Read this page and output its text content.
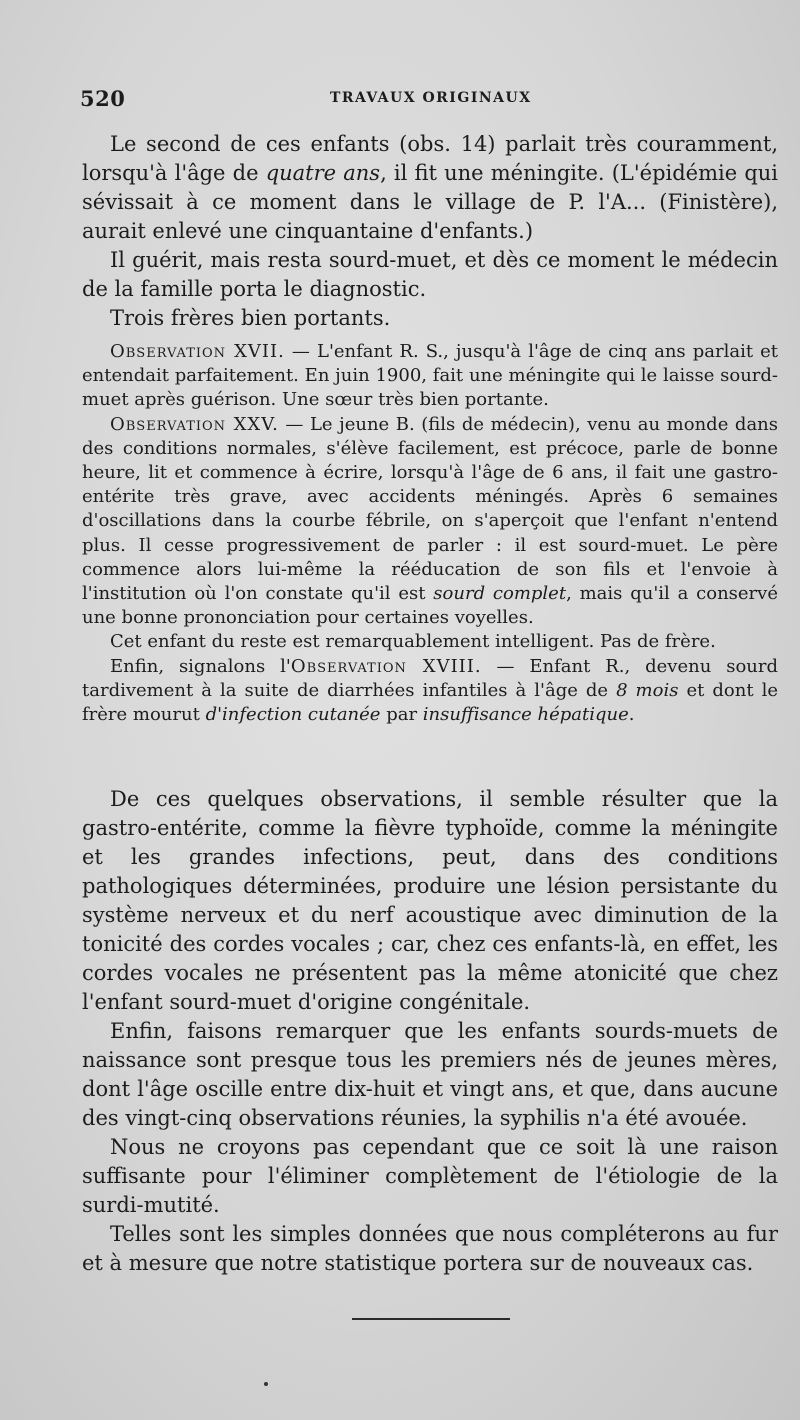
520	TRAVAUX ORIGINAUX

Le second de ces enfants (obs. 14) parlait très couramment, lorsqu'à l'âge de quatre ans, il fit une méningite. (L'épidémie qui sévissait à ce moment dans le village de P. l'A... (Finistère), aurait enlevé une cinquantaine d'enfants.)

Il guérit, mais resta sourd-muet, et dès ce moment le médecin de la famille porta le diagnostic.

Trois frères bien portants.

Observation XVII. — L'enfant R. S., jusqu'à l'âge de cinq ans parlait et entendait parfaitement. En juin 1900, fait une méningite qui le laisse sourd-muet après guérison. Une sœur très bien portante.

Observation XXV. — Le jeune B. (fils de médecin), venu au monde dans des conditions normales, s'élève facilement, est précoce, parle de bonne heure, lit et commence à écrire, lorsqu'à l'âge de 6 ans, il fait une gastro-entérite très grave, avec accidents méningés. Après 6 semaines d'oscillations dans la courbe fébrile, on s'aperçoit que l'enfant n'entend plus. Il cesse progressivement de parler : il est sourd-muet. Le père commence alors lui-même la rééducation de son fils et l'envoie à l'institution où l'on constate qu'il est sourd complet, mais qu'il a conservé une bonne prononciation pour certaines voyelles.

Cet enfant du reste est remarquablement intelligent. Pas de frère.

Enfin, signalons l'Observation XVIII. — Enfant R., devenu sourd tardivement à la suite de diarrhées infantiles à l'âge de 8 mois et dont le frère mourut d'infection cutanée par insuffisance hépatique.

De ces quelques observations, il semble résulter que la gastro-entérite, comme la fièvre typhoïde, comme la méningite et les grandes infections, peut, dans des conditions pathologiques déterminées, produire une lésion persistante du système nerveux et du nerf acoustique avec diminution de la tonicité des cordes vocales ; car, chez ces enfants-là, en effet, les cordes vocales ne présentent pas la même atonicité que chez l'enfant sourd-muet d'origine congénitale.

Enfin, faisons remarquer que les enfants sourds-muets de naissance sont presque tous les premiers nés de jeunes mères, dont l'âge oscille entre dix-huit et vingt ans, et que, dans aucune des vingt-cinq observations réunies, la syphilis n'a été avouée.

Nous ne croyons pas cependant que ce soit là une raison suffisante pour l'éliminer complètement de l'étiologie de la surdi-mutité.

Telles sont les simples données que nous compléterons au fur et à mesure que notre statistique portera sur de nouveaux cas.
